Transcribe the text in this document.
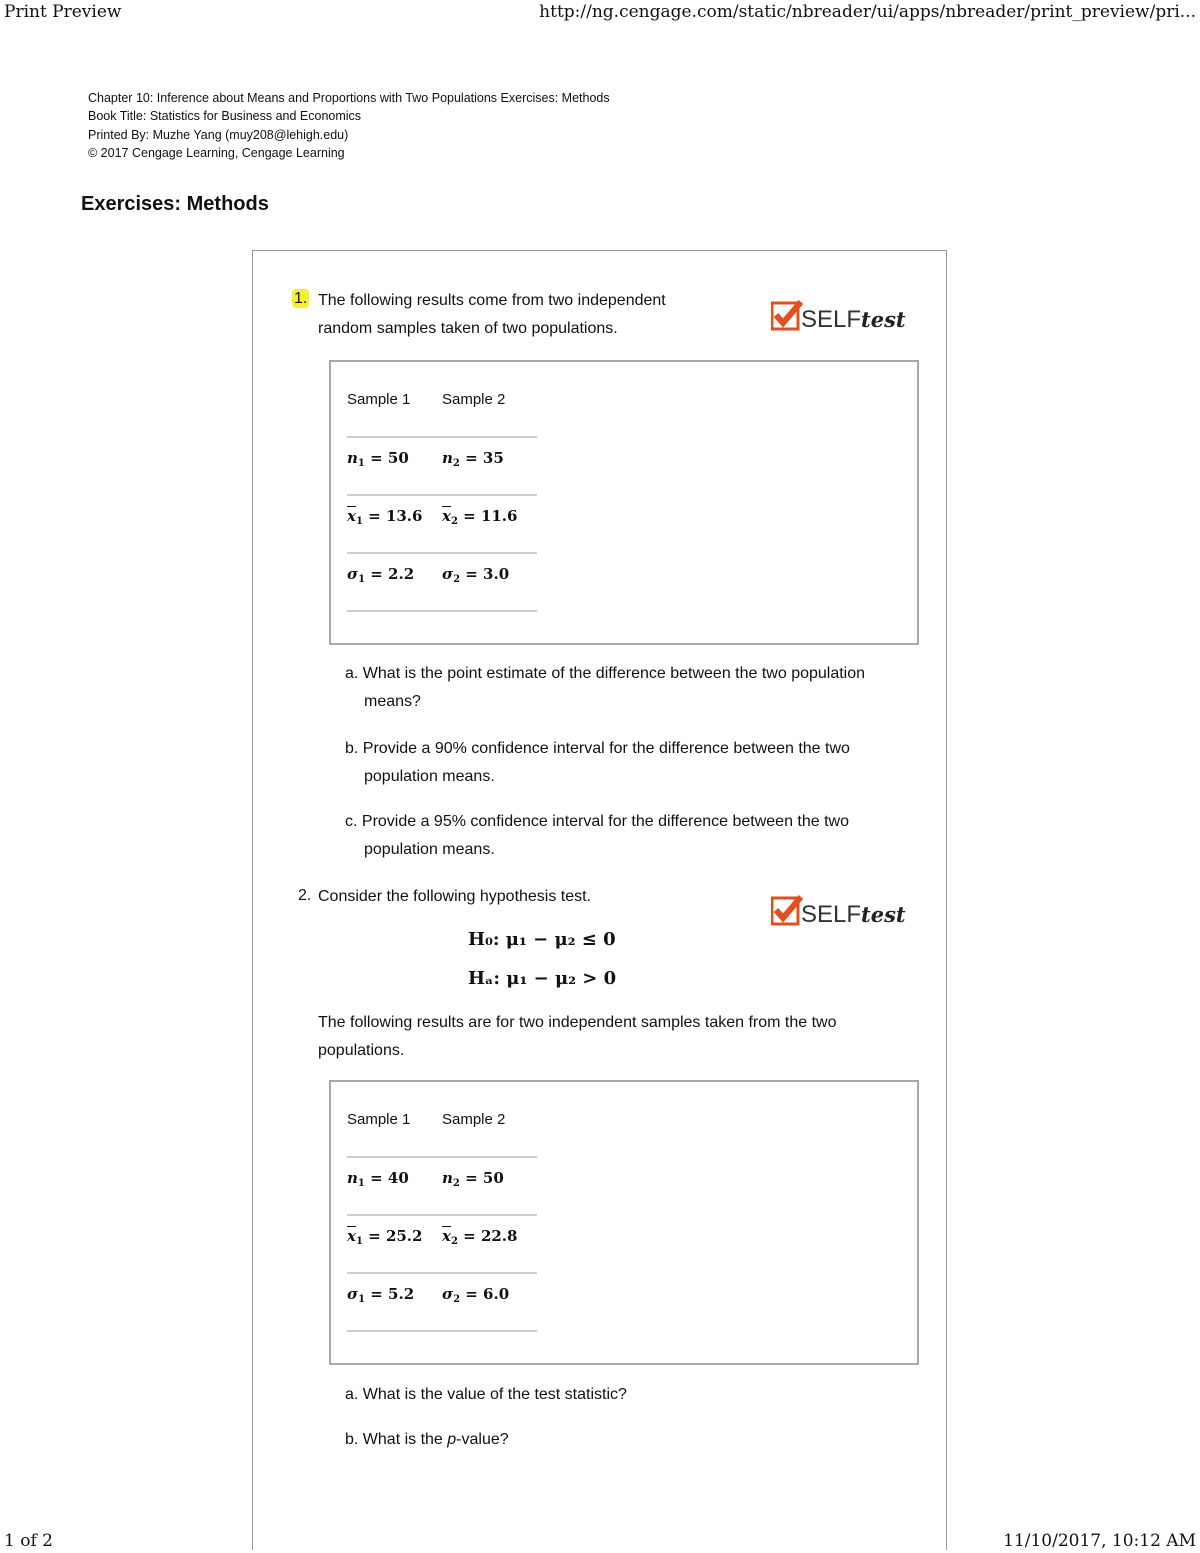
Print Preview	http://ng.cengage.com/static/nbreader/ui/apps/nbreader/print_preview/pri...
1 of 2	11/10/2017, 10:12 AM
Chapter 10: Inference about Means and Proportions with Two Populations Exercises: Methods
Book Title: Statistics for Business and Economics
Printed By: Muzhe Yang (muy208@lehigh.edu)
© 2017 Cengage Learning, Cengage Learning
Exercises: Methods
1. The following results come from two independent
random samples taken of two populations.	SELF test
Sample 1 Sample 2
$n_1 = 50$ $n_2 = 35$
$\overline{x}_1 = 13.6$ $\overline{x}_2 = 11.6$
$\sigma_1 = 2.2$ $\sigma_2 = 3.0$
a. What is the point estimate of the difference between the two population
means?
b. Provide a 90% confidence interval for the difference between the two
population means.
c. Provide a 95% confidence interval for the difference between the two
population means.
2. Consider the following hypothesis test.
SELF test
H₀: μ₁ − μ₂ ≤ 0
Hₐ: μ₁ − μ₂ > 0
The following results are for two independent samples taken from the two
populations.
Sample 1 Sample 2
$n_1 = 40$ $n_2 = 50$
$\overline{x}_1 = 25.2$ $\overline{x}_2 = 22.8$
$\sigma_1 = 5.2$ $\sigma_2 = 6.0$
a. What is the value of the test statistic?
b. What is the p-value?
